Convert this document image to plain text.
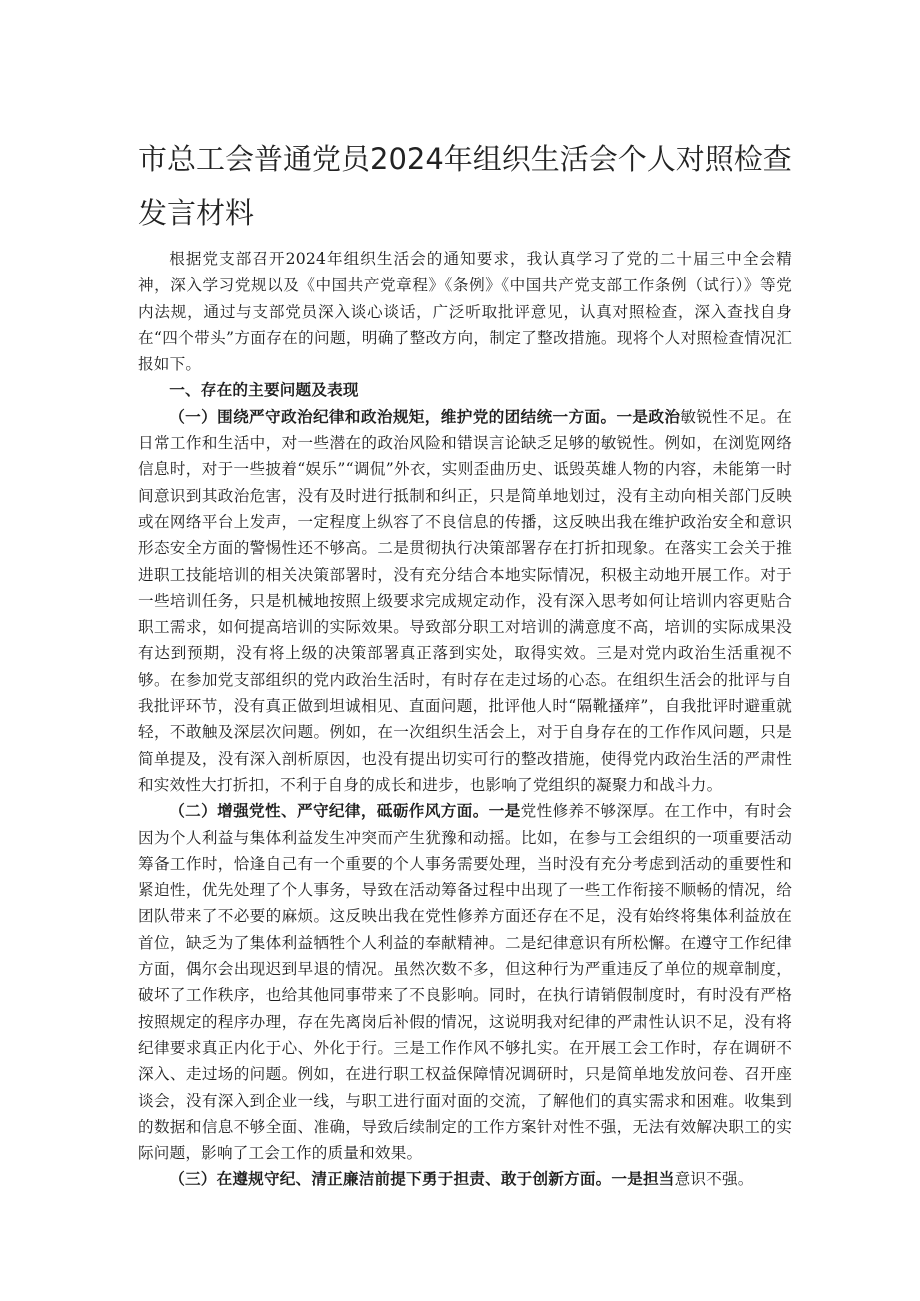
市总工会普通党员2024年组织生活会个人对照检查
发言材料

根据党支部召开2024年组织生活会的通知要求，我认真学习了党的二十届三中全会精神，深入学习党规以及《中国共产党章程》《条例》《中国共产党支部工作条例（试行）》等党内法规，通过与支部党员深入谈心谈话，广泛听取批评意见，认真对照检查，深入查找自身在“四个带头”方面存在的问题，明确了整改方向，制定了整改措施。现将个人对照检查情况汇报如下。

一、存在的主要问题及表现

（一）围绕严守政治纪律和政治规矩，维护党的团结统一方面。一是政治敏锐性不足。在日常工作和生活中，对一些潜在的政治风险和错误言论缺乏足够的敏锐性。例如，在浏览网络信息时，对于一些披着“娱乐”“调侃”外衣，实则歪曲历史、诋毁英雄人物的内容，未能第一时间意识到其政治危害，没有及时进行抵制和纠正，只是简单地划过，没有主动向相关部门反映或在网络平台上发声，一定程度上纵容了不良信息的传播，这反映出我在维护政治安全和意识形态安全方面的警惕性还不够高。二是贯彻执行决策部署存在打折扣现象。在落实工会关于推进职工技能培训的相关决策部署时，没有充分结合本地实际情况，积极主动地开展工作。对于一些培训任务，只是机械地按照上级要求完成规定动作，没有深入思考如何让培训内容更贴合职工需求，如何提高培训的实际效果。导致部分职工对培训的满意度不高，培训的实际成果没有达到预期，没有将上级的决策部署真正落到实处，取得实效。三是对党内政治生活重视不够。在参加党支部组织的党内政治生活时，有时存在走过场的心态。在组织生活会的批评与自我批评环节，没有真正做到坦诚相见、直面问题，批评他人时“隔靴搔痒”，自我批评时避重就轻，不敢触及深层次问题。例如，在一次组织生活会上，对于自身存在的工作作风问题，只是简单提及，没有深入剖析原因，也没有提出切实可行的整改措施，使得党内政治生活的严肃性和实效性大打折扣，不利于自身的成长和进步，也影响了党组织的凝聚力和战斗力。

（二）增强党性、严守纪律，砥砺作风方面。一是党性修养不够深厚。在工作中，有时会因为个人利益与集体利益发生冲突而产生犹豫和动摇。比如，在参与工会组织的一项重要活动筹备工作时，恰逢自己有一个重要的个人事务需要处理，当时没有充分考虑到活动的重要性和紧迫性，优先处理了个人事务，导致在活动筹备过程中出现了一些工作衔接不顺畅的情况，给团队带来了不必要的麻烦。这反映出我在党性修养方面还存在不足，没有始终将集体利益放在首位，缺乏为了集体利益牺牲个人利益的奉献精神。二是纪律意识有所松懈。在遵守工作纪律方面，偶尔会出现迟到早退的情况。虽然次数不多，但这种行为严重违反了单位的规章制度，破坏了工作秩序，也给其他同事带来了不良影响。同时，在执行请销假制度时，有时没有严格按照规定的程序办理，存在先离岗后补假的情况，这说明我对纪律的严肃性认识不足，没有将纪律要求真正内化于心、外化于行。三是工作作风不够扎实。在开展工会工作时，存在调研不深入、走过场的问题。例如，在进行职工权益保障情况调研时，只是简单地发放问卷、召开座谈会，没有深入到企业一线，与职工进行面对面的交流，了解他们的真实需求和困难。收集到的数据和信息不够全面、准确，导致后续制定的工作方案针对性不强，无法有效解决职工的实际问题，影响了工会工作的质量和效果。

（三）在遵规守纪、清正廉洁前提下勇于担责、敢于创新方面。一是担当意识不强。
